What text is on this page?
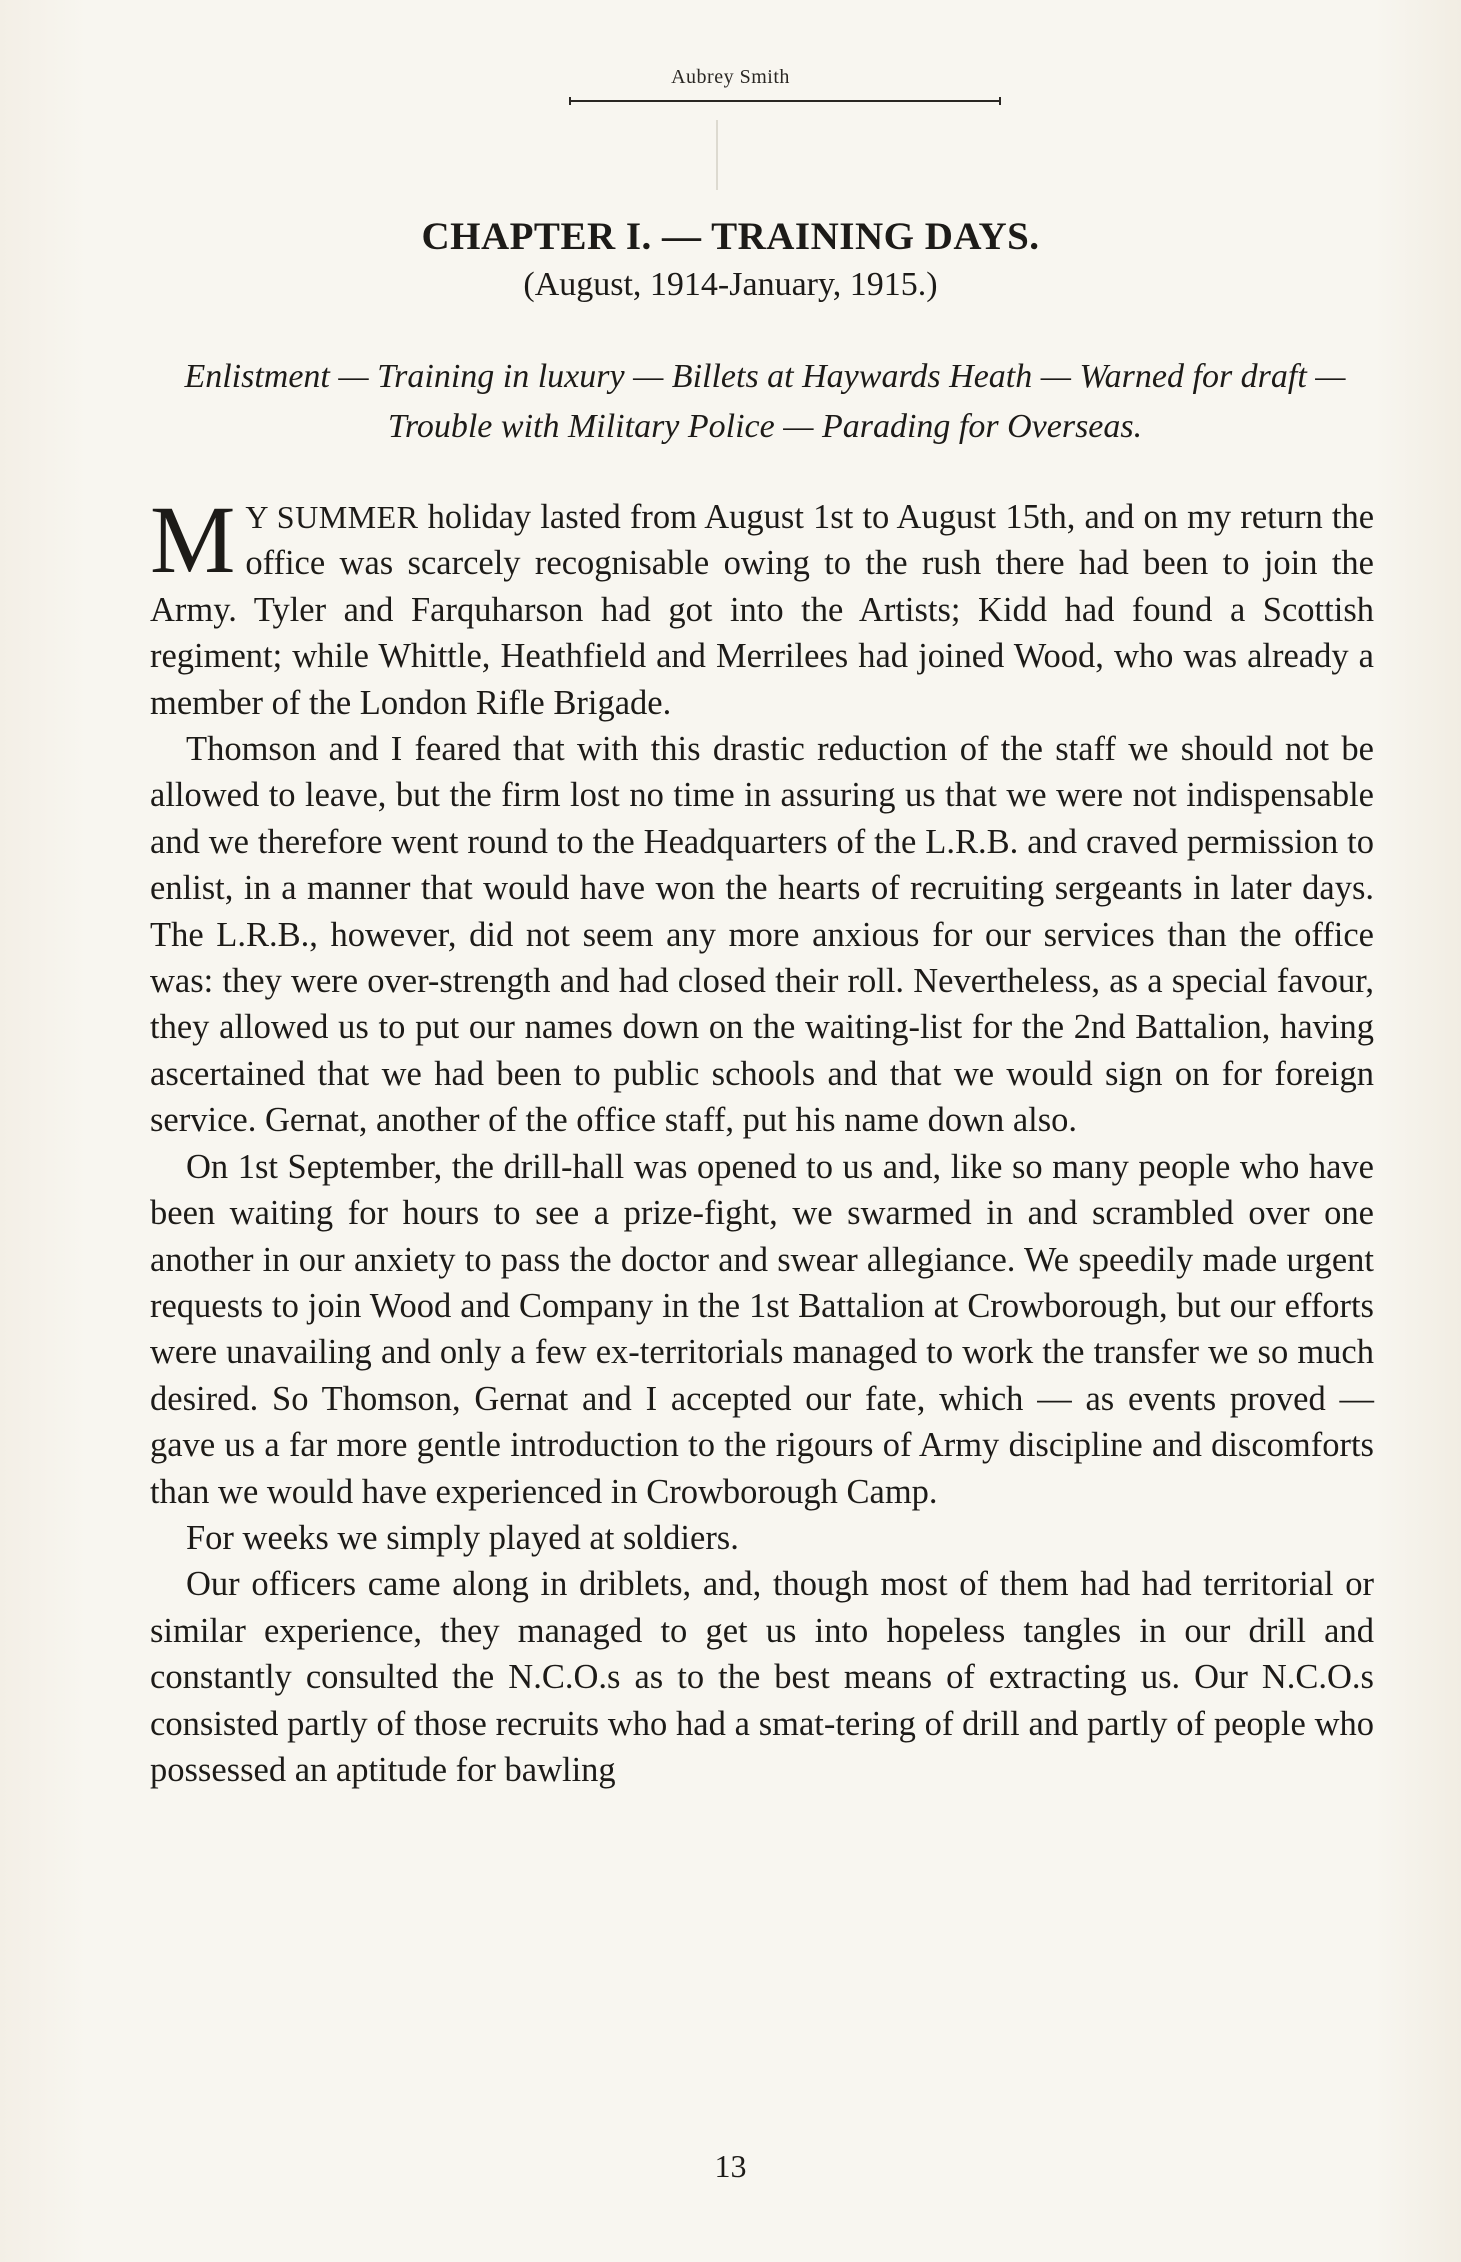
Aubrey Smith
CHAPTER I. — TRAINING DAYS.
(August, 1914-January, 1915.)
Enlistment — Training in luxury — Billets at Haywards Heath — Warned for draft — Trouble with Military Police — Parading for Overseas.

M Y SUMMER holiday lasted from August 1st to August 15th, and on my return the office was scarcely recognisable owing to the rush there had been to join the Army. Tyler and Farquharson had got into the Artists; Kidd had found a Scottish regiment; while Whittle, Heathfield and Merrilees had joined Wood, who was already a member of the London Rifle Brigade.

Thomson and I feared that with this drastic reduction of the staff we should not be allowed to leave, but the firm lost no time in assuring us that we were not indispensable and we therefore went round to the Headquarters of the L.R.B. and craved permission to enlist, in a manner that would have won the hearts of recruiting sergeants in later days. The L.R.B., however, did not seem any more anxious for our services than the office was: they were over-strength and had closed their roll. Nevertheless, as a special favour, they allowed us to put our names down on the waiting-list for the 2nd Battalion, having ascertained that we had been to public schools and that we would sign on for foreign service. Gernat, another of the office staff, put his name down also.

On 1st September, the drill-hall was opened to us and, like so many people who have been waiting for hours to see a prize-fight, we swarmed in and scrambled over one another in our anxiety to pass the doctor and swear allegiance. We speedily made urgent requests to join Wood and Company in the 1st Battalion at Crowborough, but our efforts were unavailing and only a few ex-territorials managed to work the transfer we so much desired. So Thomson, Gernat and I accepted our fate, which — as events proved — gave us a far more gentle introduction to the rigours of Army discipline and discomforts than we would have experienced in Crowborough Camp.

For weeks we simply played at soldiers.

Our officers came along in driblets, and, though most of them had had territorial or similar experience, they managed to get us into hopeless tangles in our drill and constantly consulted the N.C.O.s as to the best means of extracting us. Our N.C.O.s consisted partly of those recruits who had a smat-tering of drill and partly of people who possessed an aptitude for bawling

13
